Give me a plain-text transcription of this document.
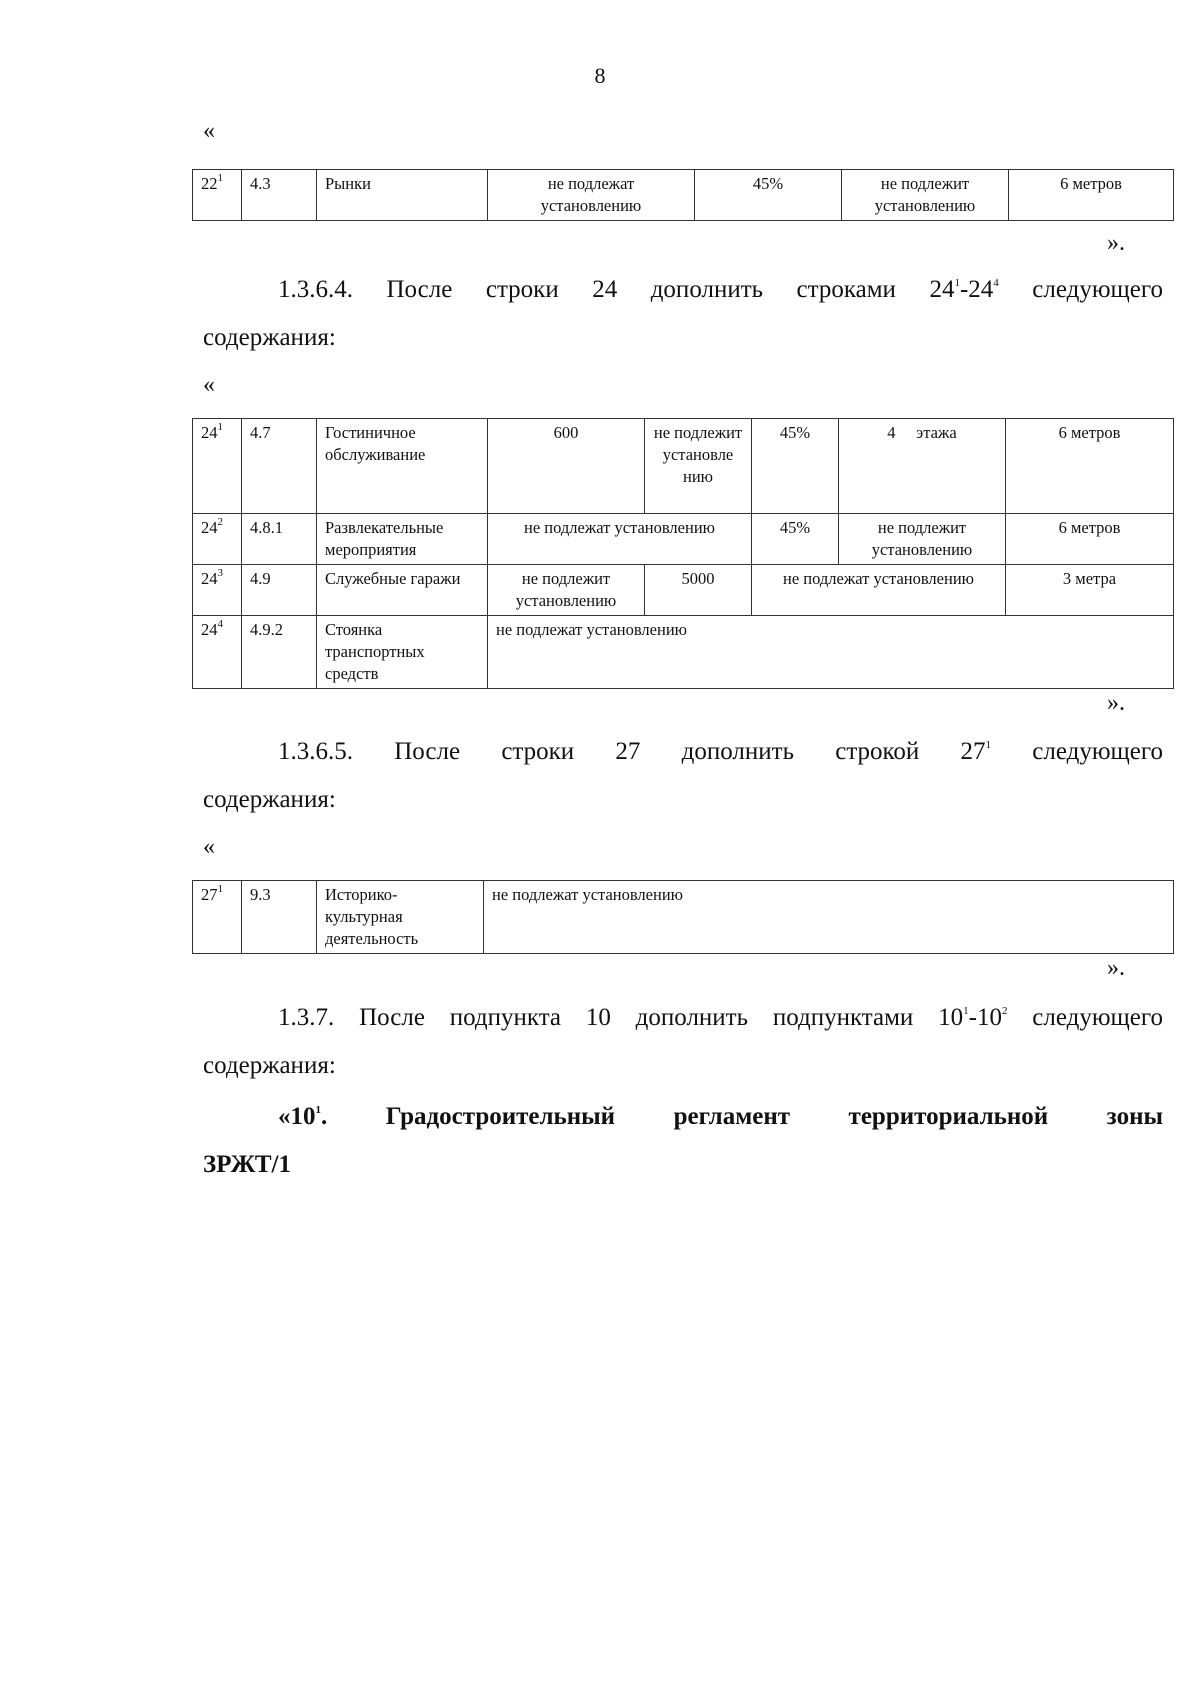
8
«
$22^1$	4.3	Рынки	не подлежат установлению	45%	не подлежит установлению	6 метров
».
1.3.6.4. После строки 24 дополнить строками $24^1-24^4$ следующего
содержания:
«
$24^1$	4.7	Гостиничное обслуживание	600	не подлежит установле нию	45%	4 этажа	6 метров
$24^2$	4.8.1	Развлекательные мероприятия	не подлежат установлению		45%	не подлежит установлению	6 метров
$24^3$	4.9	Служебные гаражи	не подлежит установлению	5000	не подлежат установлению		3 метра
$24^4$	4.9.2	Стоянка транспортных средств	не подлежат установлению				
».
1.3.6.5. После строки 27 дополнить строкой $27^1$ следующего
содержания:
«
$27^1$	9.3	Историко-культурная деятельность	не подлежат установлению
».
1.3.7. После подпункта 10 дополнить подпунктами $10^1-10^2$ следующего
содержания:
«$10^1$. Градостроительный регламент территориальной зоны
ЗРЖТ/1
